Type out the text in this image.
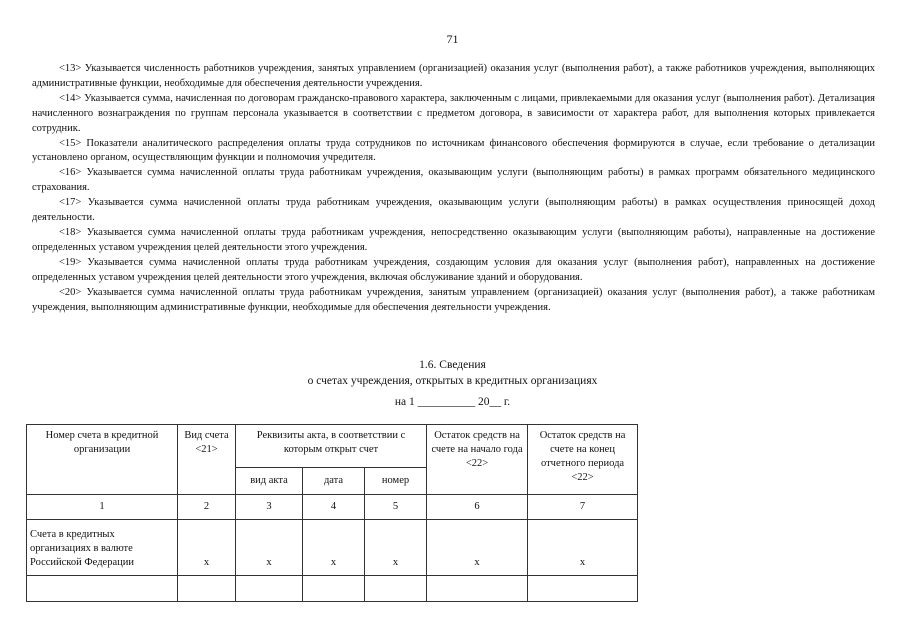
71

<13> Указывается численность работников учреждения, занятых управлением (организацией) оказания услуг (выполнения работ), а также работников учреждения, выполняющих административные функции, необходимые для обеспечения деятельности учреждения.

<14> Указывается сумма, начисленная по договорам гражданско-правового характера, заключенным с лицами, привлекаемыми для оказания услуг (выполнения работ). Детализация начисленного вознаграждения по группам персонала указывается в соответствии с предметом договора, в зависимости от характера работ, для выполнения которых привлекается сотрудник.

<15> Показатели аналитического распределения оплаты труда сотрудников по источникам финансового обеспечения формируются в случае, если требование о детализации установлено органом, осуществляющим функции и полномочия учредителя.

<16> Указывается сумма начисленной оплаты труда работникам учреждения, оказывающим услуги (выполняющим работы) в рамках программ обязательного медицинского страхования.

<17> Указывается сумма начисленной оплаты труда работникам учреждения, оказывающим услуги (выполняющим работы) в рамках осуществления приносящей доход деятельности.

<18> Указывается сумма начисленной оплаты труда работникам учреждения, непосредственно оказывающим услуги (выполняющим работы), направленные на достижение определенных уставом учреждения целей деятельности этого учреждения.

<19> Указывается сумма начисленной оплаты труда работникам учреждения, создающим условия для оказания услуг (выполнения работ), направленных на достижение определенных уставом учреждения целей деятельности этого учреждения, включая обслуживание зданий и оборудования.

<20> Указывается сумма начисленной оплаты труда работникам учреждения, занятым управлением (организацией) оказания услуг (выполнения работ), а также работникам учреждения, выполняющим административные функции, необходимые для обеспечения деятельности учреждения.

1.6. Сведения
о счетах учреждения, открытых в кредитных организациях
на 1 __________ 20__ г.
Номер счета в кредитной организации	Вид счета <21>	Реквизиты акта, в соответствии с которым открыт счет			Остаток средств на счете на начало года <22>	Остаток средств на счете на конец отчетного периода <22>
		вид акта	дата	номер		
1	2	3	4	5	6	7
Счета в кредитных организациях в валюте Российской Федерации	x	x	x	x	x	x
